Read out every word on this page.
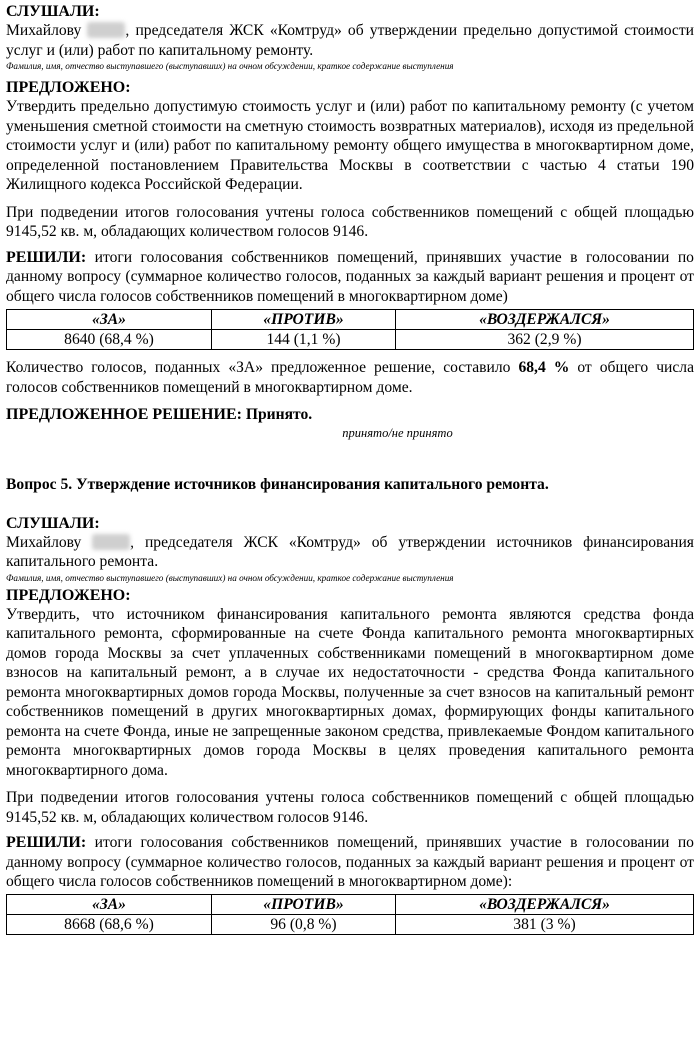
СЛУШАЛИ:

Михайлову	, председателя ЖСК «Комтруд» об утверждении предельно допустимой стоимости услуг и (или) работ по капитальному ремонту.

Фамилия, имя, отчество выступавшего (выступавших) на очном обсуждении, краткое содержание выступления

ПРЕДЛОЖЕНО:

Утвердить предельно допустимую стоимость услуг и (или) работ по капитальному ремонту (с учетом уменьшения сметной стоимости на сметную стоимость возвратных материалов), исходя из предельной стоимости услуг и (или) работ по капитальному ремонту общего имущества в многоквартирном доме, определенной постановлением Правительства Москвы в соответствии с частью 4 статьи 190 Жилищного кодекса Российской Федерации.

При подведении итогов голосования учтены голоса собственников помещений с общей площадью 9145,52 кв. м, обладающих количеством голосов 9146.

РЕШИЛИ: итоги голосования собственников помещений, принявших участие в голосовании по данному вопросу (суммарное количество голосов, поданных за каждый вариант решения и процент от общего числа голосов собственников помещений в многоквартирном доме)

«ЗА»	«ПРОТИВ»	«ВОЗДЕРЖАЛСЯ»
8640 (68,4 %)	144 (1,1 %)	362 (2,9 %)

Количество голосов, поданных «ЗА» предложенное решение, составило 68,4 % от общего числа голосов собственников помещений в многоквартирном доме.

ПРЕДЛОЖЕННОЕ РЕШЕНИЕ: Принято.

принято/не принято

Вопрос 5. Утверждение источников финансирования капитального ремонта.

СЛУШАЛИ:

Михайлову	, председателя ЖСК «Комтруд» об утверждении источников финансирования капитального ремонта.

Фамилия, имя, отчество выступавшего (выступавших) на очном обсуждении, краткое содержание выступления

ПРЕДЛОЖЕНО:

Утвердить, что источником финансирования капитального ремонта являются средства фонда капитального ремонта, сформированные на счете Фонда капитального ремонта многоквартирных домов города Москвы за счет уплаченных собственниками помещений в многоквартирном доме взносов на капитальный ремонт, а в случае их недостаточности - средства Фонда капитального ремонта многоквартирных домов города Москвы, полученные за счет взносов на капитальный ремонт собственников помещений в других многоквартирных домах, формирующих фонды капитального ремонта на счете Фонда, иные не запрещенные законом средства, привлекаемые Фондом капитального ремонта многоквартирных домов города Москвы в целях проведения капитального ремонта многоквартирного дома.

При подведении итогов голосования учтены голоса собственников помещений с общей площадью 9145,52 кв. м, обладающих количеством голосов 9146.

РЕШИЛИ: итоги голосования собственников помещений, принявших участие в голосовании по данному вопросу (суммарное количество голосов, поданных за каждый вариант решения и процент от общего числа голосов собственников помещений в многоквартирном доме):

«ЗА»	«ПРОТИВ»	«ВОЗДЕРЖАЛСЯ»
8668 (68,6 %)	96 (0,8 %)	381 (3 %)
